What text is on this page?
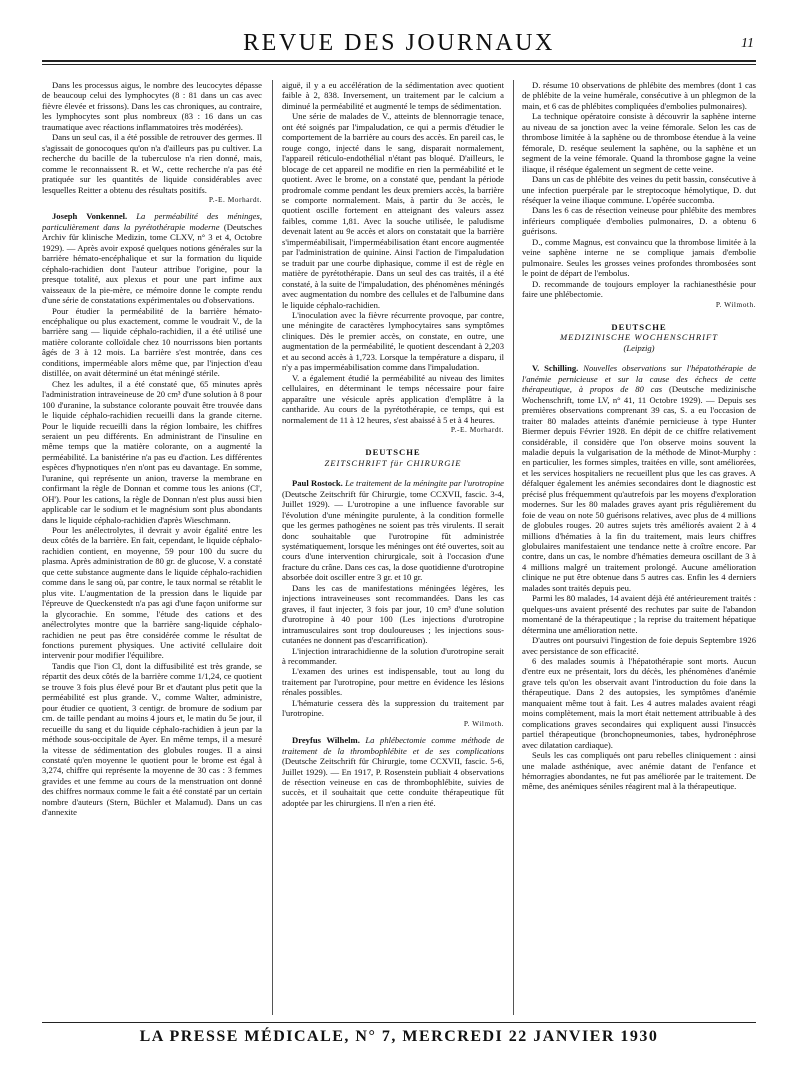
REVUE DES JOURNAUX	11

Dans les processus aigus, le nombre des leucocytes dépasse de beaucoup celui des lymphocytes (8 : 81 dans un cas avec fièvre élevée et frissons). Dans les cas chroniques, au contraire, les lymphocytes sont plus nombreux (83 : 16 dans un cas traumatique avec réactions inflammatoires très modérées).

Dans un seul cas, il a été possible de retrouver des germes. Il s'agissait de gonocoques qu'on n'a d'ailleurs pas pu cultiver. La recherche du bacille de la tuberculose n'a rien donné, mais, comme le reconnaissent R. et W., cette recherche n'a pas été pratiquée sur les quantités de liquide considérables avec lesquelles Reitter a obtenu des résultats positifs.

P.-E. Morhardt.

Joseph Vonkennel. La perméabilité des méninges, particulièrement dans la pyrétothérapie moderne (Deutsches Archiv für klinische Medizin, tome CLXV, n° 3 et 4, Octobre 1929). — Après avoir exposé quelques notions générales sur la barrière hémato-encéphalique et sur la formation du liquide céphalo-rachidien dont l'auteur attribue l'origine, pour la presque totalité, aux plexus et pour une part infime aux vaisseaux de la pie-mère, ce mémoire donne le compte rendu d'une série de constatations expérimentales ou d'observations.

Pour étudier la perméabilité de la barrière hémato-encéphalique ou plus exactement, comme le voudrait V., de la barrière sang — liquide céphalo-rachidien, il a été utilisé une matière colorante colloïdale chez 10 nourrissons bien portants âgés de 3 à 12 mois. La barrière s'est montrée, dans ces conditions, imperméable alors même que, par l'injection d'eau distillée, on avait déterminé un état méningé stérile.

Chez les adultes, il a été constaté que, 65 minutes après l'administration intraveineuse de 20 cm³ d'une solution à 8 pour 100 d'uranine, la substance colorante pouvait être trouvée dans le liquide céphalo-rachidien recueilli dans la grande citerne. Pour le liquide recueilli dans la région lombaire, les chiffres seraient un peu différents. En administrant de l'insuline en même temps que la matière colorante, on a augmenté la perméabilité. La banistérine n'a pas eu d'action. Les différentes espèces d'hypnotiques n'en n'ont pas eu davantage. En somme, l'uranine, qui représente un anion, traverse la membrane en confirmant la règle de Donnan et comme tous les anions (Cl', OH'). Pour les cations, la règle de Donnan n'est plus aussi bien applicable car le sodium et le magnésium sont plus abondants dans le liquide céphalo-rachidien d'après Wieschmann.

Pour les anélectrolytes, il devrait y avoir égalité entre les deux côtés de la barrière. En fait, cependant, le liquide céphalo-rachidien contient, en moyenne, 59 pour 100 du sucre du plasma. Après administration de 80 gr. de glucose, V. a constaté que cette substance augmente dans le liquide céphalo-rachidien comme dans le sang où, par contre, le taux normal se rétablit le plus vite. L'augmentation de la pression dans le liquide par l'épreuve de Queckenstedt n'a pas agi d'une façon uniforme sur la glycorachie. En somme, l'étude des cations et des anélectrolytes montre que la barrière sang-liquide céphalo-rachidien ne peut pas être considérée comme le résultat de fonctions purement physiques. Une activité cellulaire doit intervenir pour modifier l'équilibre.

Tandis que l'ion Cl, dont la diffusibilité est très grande, se répartit des deux côtés de la barrière comme 1/1,24, ce quotient se trouve 3 fois plus élevé pour Br et d'autant plus petit que la perméabilité est plus grande. V., comme Walter, administre, pour étudier ce quotient, 3 centigr. de bromure de sodium par cm. de taille pendant au moins 4 jours et, le matin du 5e jour, il recueille du sang et du liquide céphalo-rachidien à jeun par la méthode sous-occipitale de Ayer. En même temps, il a mesuré la vitesse de sédimentation des globules rouges. Il a ainsi constaté qu'en moyenne le quotient pour le brome est égal à 3,274, chiffre qui représente la moyenne de 30 cas : 3 femmes gravides et une femme au cours de la menstruation ont donné des chiffres normaux comme le fait a été constaté par un certain nombre d'auteurs (Stern, Büchler et Malamud). Dans un cas d'annexite

aiguë, il y a eu accélération de la sédimentation avec quotient faible à 2, 838. Inversement, un traitement par le calcium a diminué la perméabilité et augmenté le temps de sédimentation.

Une série de malades de V., atteints de blennorragie tenace, ont été soignés par l'impaludation, ce qui a permis d'étudier le comportement de la barrière au cours des accès. En pareil cas, le rouge congo, injecté dans le sang, disparait normalement, l'appareil réticulo-endothélial n'étant pas bloqué. D'ailleurs, le blocage de cet appareil ne modifie en rien la perméabilité et le quotient. Avec le brome, on a constaté que, pendant la période prodromale comme pendant les deux premiers accès, la barrière se comporte normalement. Mais, à partir du 3e accès, le quotient oscille fortement en atteignant des valeurs assez faibles, comme 1,81. Avec la souche utilisée, le paludisme devenait latent au 9e accès et alors on constatait que la barrière s'imperméabilisait, l'imperméabilisation étant encore augmentée par l'administration de quinine. Ainsi l'action de l'impaludation se traduit par une courbe diphasique, comme il est de règle en matière de pyrétothérapie. Dans un seul des cas traités, il a été constaté, à la suite de l'impaludation, des phénomènes méningés avec augmentation du nombre des cellules et de l'albumine dans le liquide céphalo-rachidien.

L'inoculation avec la fièvre récurrente provoque, par contre, une méningite de caractères lymphocytaires sans symptômes cliniques. Dès le premier accès, on constate, en outre, une augmentation de la perméabilité, le quotient descendant à 2,203 et au second accès à 1,723. Lorsque la température a disparu, il n'y a pas imperméabilisation comme dans l'impaludation.

V. a également étudié la perméabilité au niveau des limites cellulaires, en déterminant le temps nécessaire pour faire apparaître une vésicule après application d'emplâtre à la cantharide. Au cours de la pyrétothérapie, ce temps, qui est normalement de 11 à 12 heures, s'est abaissé à 5 et à 4 heures.

P.-E. Morhardt.
DEUTSCHE
ZEITSCHRIFT für CHIRURGIE

Paul Rostock. Le traitement de la méningite par l'urotropine (Deutsche Zeitschrift für Chirurgie, tome CCXVII, fascic. 3-4, Juillet 1929). — L'urotropine a une influence favorable sur l'évolution d'une méningite purulente, à la condition formelle que les germes pathogènes ne soient pas très virulents. Il serait donc souhaitable que l'urotropine fût administrée systématiquement, lorsque les méninges ont été ouvertes, soit au cours d'une intervention chirurgicale, soit à l'occasion d'une fracture du crâne. Dans ces cas, la dose quotidienne d'urotropine absorbée doit osciller entre 3 gr. et 10 gr.

Dans les cas de manifestations méningées légères, les injections intraveineuses sont recommandées. Dans les cas graves, il faut injecter, 3 fois par jour, 10 cm³ d'une solution d'urotropine à 40 pour 100 (Les injections d'urotropine intramusculaires sont trop douloureuses ; les injections sous-cutanées ne donnent pas d'escarrification).

L'injection intrarachidienne de la solution d'urotropine serait à recommander.

L'examen des urines est indispensable, tout au long du traitement par l'urotropine, pour mettre en évidence les lésions rénales possibles.

L'hématurie cessera dès la suppression du traitement par l'urotropine.

P. Wilmoth.

Dreyfus Wilhelm. La phlébectomie comme méthode de traitement de la thrombophlébite et de ses complications (Deutsche Zeitschrift für Chirurgie, tome CCXVII, fascic. 5-6, Juillet 1929). — En 1917, P. Rosenstein publiait 4 observations de résection veineuse en cas de thrombophlébite, suivies de succès, et il souhaitait que cette conduite thérapeutique fût adoptée par les chirurgiens. Il n'en a rien été.

D. résume 10 observations de phlébite des membres (dont 1 cas de phlébite de la veine humérale, consécutive à un phlegmon de la main, et 6 cas de phlébites compliquées d'embolies pulmonaires).

La technique opératoire consiste à découvrir la saphène interne au niveau de sa jonction avec la veine fémorale. Selon les cas de thrombose limitée à la saphène ou de thrombose étendue à la veine fémorale, D. reséque seulement la saphène, ou la saphène et un segment de la veine fémorale. Quand la thrombose gagne la veine iliaque, il réséque également un segment de cette veine.

Dans un cas de phlébite des veines du petit bassin, consécutive à une infection puerpérale par le streptocoque hémolytique, D. dut réséquer la veine iliaque commune. L'opérée succomba.

Dans les 6 cas de résection veineuse pour phlébite des membres inférieurs compliquée d'embolies pulmonaires, D. a obtenu 6 guérisons.

D., comme Magnus, est convaincu que la thrombose limitée à la veine saphène interne ne se complique jamais d'embolie pulmonaire. Seules les grosses veines profondes thrombosées sont le point de départ de l'embolus.

D. recommande de toujours employer la rachianesthésie pour faire une phlébectomie.

P. Wilmoth.
DEUTSCHE
MEDIZINISCHE WOCHENSCHRIFT
(Leipzig)

V. Schilling. Nouvelles observations sur l'hépatothérapie de l'anémie pernicieuse et sur la cause des échecs de cette thérapeutique, à propos de 80 cas (Deutsche medizinische Wochenschrift, tome LV, n° 41, 11 Octobre 1929). — Depuis ses premières observations comprenant 39 cas, S. a eu l'occasion de traiter 80 malades atteints d'anémie pernicieuse à type Hunter Biermer depuis Février 1928. En dépit de ce chiffre relativement considérable, il considère que l'on observe moins souvent la maladie depuis la vulgarisation de la méthode de Minot-Murphy : en particulier, les formes simples, traitées en ville, sont améliorées, et les services hospitaliers ne recueillent plus que les cas graves. A défalquer également les anémies secondaires dont le diagnostic est précisé plus fréquemment qu'autrefois par les moyens d'exploration modernes. Sur les 80 malades graves ayant pris régulièrement du foie de veau on note 50 guérisons relatives, avec plus de 4 millions de globules rouges. 20 autres sujets très améliorés avaient 2 à 4 millions d'hématies à la fin du traitement, mais leurs chiffres globulaires manifestaient une tendance nette à croître encore. Par contre, dans un cas, le nombre d'hématies demeura oscillant de 3 à 4 millions malgré un traitement prolongé. Aucune amélioration clinique ne put être obtenue dans 5 autres cas. Enfin les 4 derniers malades sont traités depuis peu.

Parmi les 80 malades, 14 avaient déjà été antérieurement traités : quelques-uns avaient présenté des rechutes par suite de l'abandon momentané de la thérapeutique ; la reprise du traitement hépatique détermina une amélioration nette.

D'autres ont poursuivi l'ingestion de foie depuis Septembre 1926 avec persistance de son efficacité.

6 des malades soumis à l'hépatothérapie sont morts. Aucun d'entre eux ne présentait, lors du décès, les phénomènes d'anémie grave tels qu'on les observait avant l'introduction du foie dans la thérapeutique. Dans 2 des autopsies, les symptômes d'anémie manquaient même tout à fait. Les 4 autres malades avaient réagi moins complètement, mais la mort était nettement attribuable à des complications graves secondaires qui expliquent aussi l'insuccès partiel thérapeutique (bronchopneumonies, tabes, hydronéphrose avec dilatation cardiaque).

Seuls les cas compliqués ont paru rebelles cliniquement : ainsi une malade asthénique, avec anémie datant de l'enfance et hémorragies abondantes, ne fut pas améliorée par le traitement. De même, des anémiques séniles réagirent mal à la thérapeutique.

LA PRESSE MÉDICALE, N° 7, MERCREDI 22 JANVIER 1930
